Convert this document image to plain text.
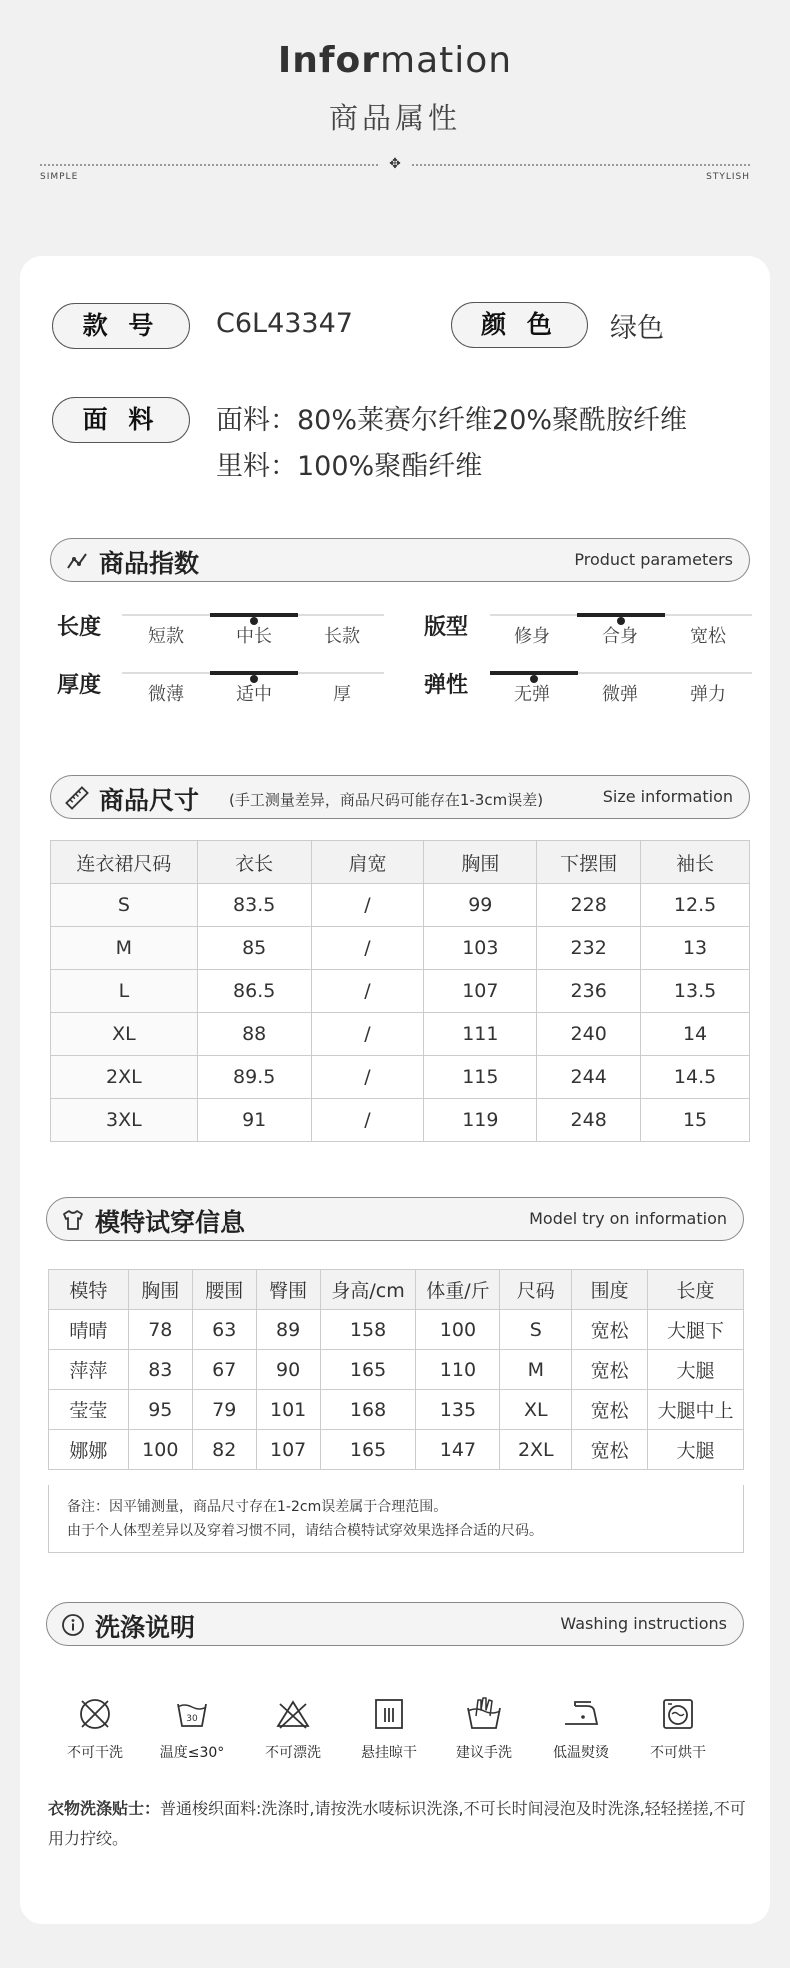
Information
商品属性
✥
SIMPLE	STYLISH
款 号	C6L43347	颜 色	绿色
面 料	面料：80%莱赛尔纤维20%聚酰胺纤维
里料：100%聚酯纤维
商品指数	Product parameters
长度	短款	中长	长款	版型	修身	合身	宽松
厚度	微薄	适中	厚	弹性	无弹	微弹	弹力
商品尺寸 (手工测量差异，商品尺码可能存在1-3cm误差)	Size information
连衣裙尺码	衣长	肩宽	胸围	下摆围	袖长
S	83.5	/	99	228	12.5
M	85	/	103	232	13
L	86.5	/	107	236	13.5
XL	88	/	111	240	14
2XL	89.5	/	115	244	14.5
3XL	91	/	119	248	15
模特试穿信息	Model try on information
模特	胸围	腰围	臀围	身高/cm	体重/斤	尺码	围度	长度
晴晴	78	63	89	158	100	S	宽松	大腿下
萍萍	83	67	90	165	110	M	宽松	大腿
莹莹	95	79	101	168	135	XL	宽松	大腿中上
娜娜	100	82	107	165	147	2XL	宽松	大腿
备注：因平铺测量，商品尺寸存在1-2cm误差属于合理范围。
由于个人体型差异以及穿着习惯不同，请结合模特试穿效果选择合适的尺码。
洗涤说明	Washing instructions
不可干洗
30
温度≤30°	不可漂洗	悬挂晾干	建议手洗	低温熨烫	不可烘干
衣物洗涤贴士：普通梭织面料:洗涤时,请按洗水唛标识洗涤,不可长时间浸泡及时洗涤,轻轻搓搓,不可用力拧绞。
